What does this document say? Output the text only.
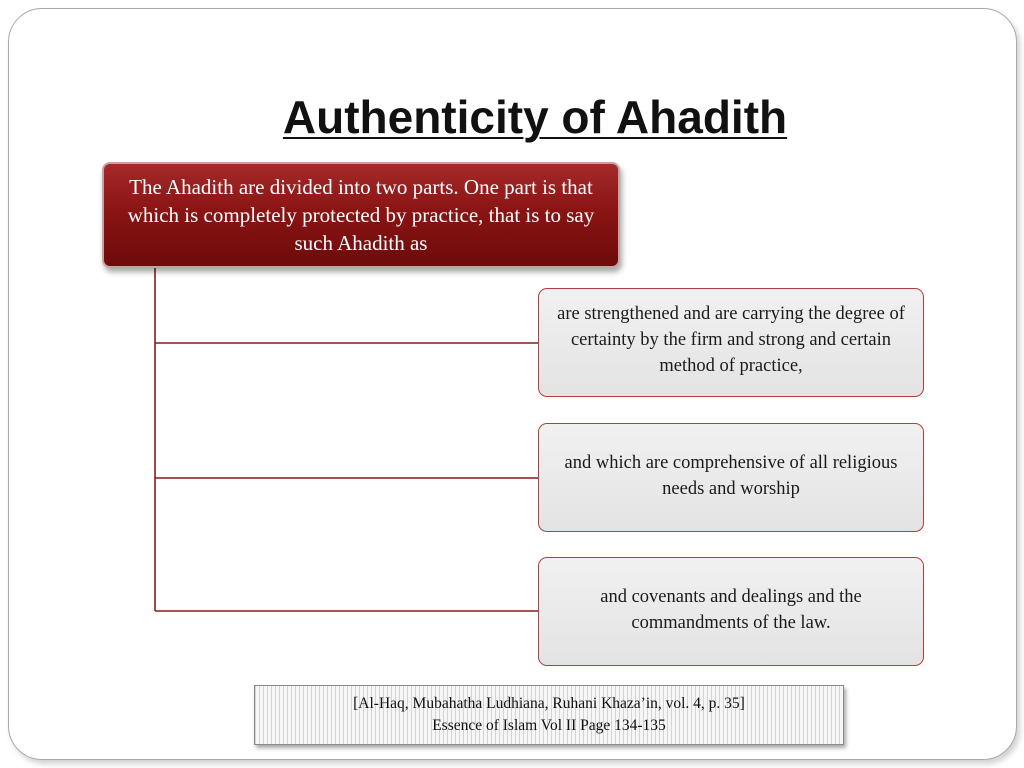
Authenticity of Ahadith
The Ahadith are divided into two parts. One part is that which is completely protected by practice, that is to say such Ahadith as
are strengthened and are carrying the degree of certainty by the firm and strong and certain method of practice,
and which are comprehensive of all religious needs and worship
and covenants and dealings and the commandments of the law.
[Al-Haq, Mubahatha Ludhiana, Ruhani Khaza’in, vol. 4, p. 35]
Essence of Islam Vol II Page 134-135
